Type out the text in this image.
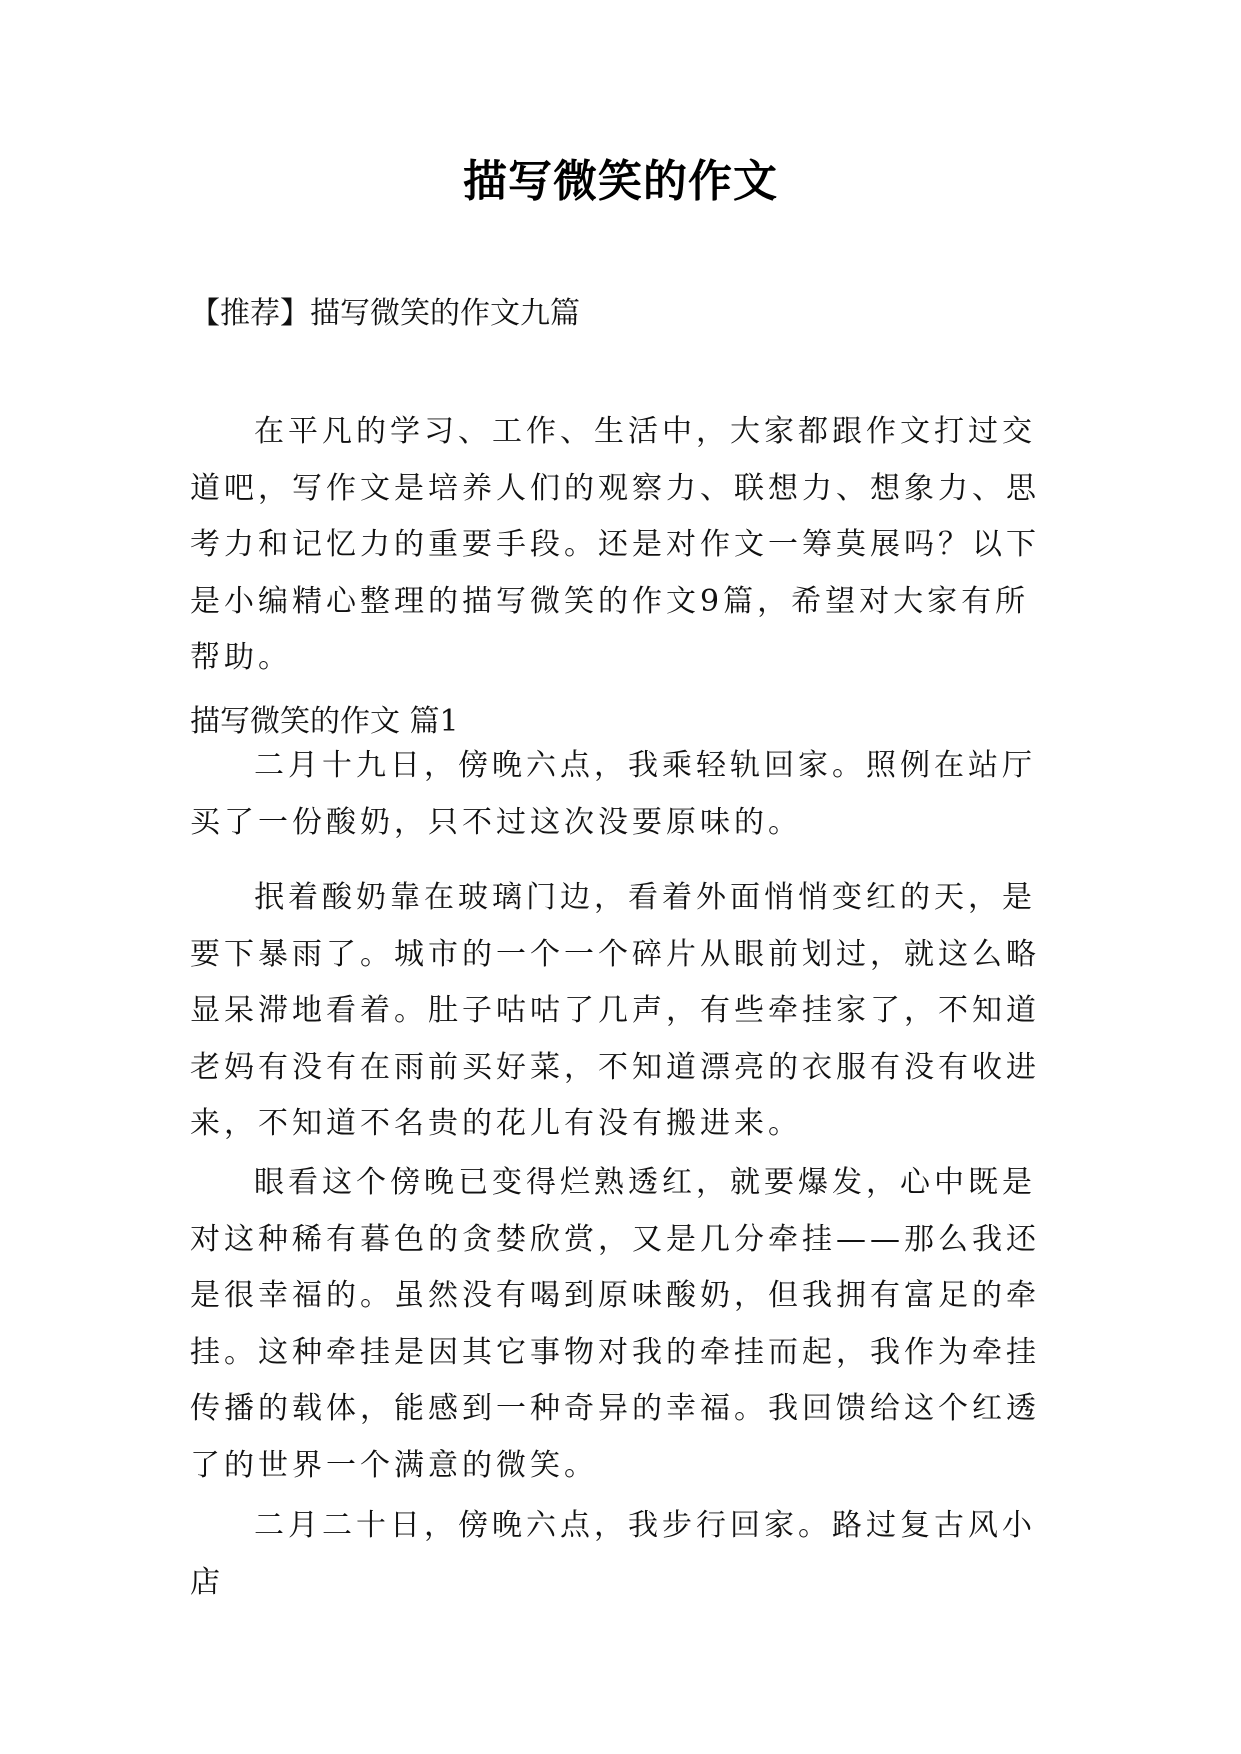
描写微笑的作文
【推荐】描写微笑的作文九篇

在平凡的学习、工作、生活中，大家都跟作文打过交道吧，写作文是培养人们的观察力、联想力、想象力、思考力和记忆力的重要手段。还是对作文一筹莫展吗？以下是小编精心整理的描写微笑的作文9篇，希望对大家有所帮助。

描写微笑的作文 篇1

二月十九日，傍晚六点，我乘轻轨回家。照例在站厅买了一份酸奶，只不过这次没要原味的。

抿着酸奶靠在玻璃门边，看着外面悄悄变红的天，是要下暴雨了。城市的一个一个碎片从眼前划过，就这么略显呆滞地看着。肚子咕咕了几声，有些牵挂家了，不知道老妈有没有在雨前买好菜，不知道漂亮的衣服有没有收进来，不知道不名贵的花儿有没有搬进来。

眼看这个傍晚已变得烂熟透红，就要爆发，心中既是对这种稀有暮色的贪婪欣赏，又是几分牵挂——那么我还是很幸福的。虽然没有喝到原味酸奶，但我拥有富足的牵挂。这种牵挂是因其它事物对我的牵挂而起，我作为牵挂传播的载体，能感到一种奇异的幸福。我回馈给这个红透了的世界一个满意的微笑。

二月二十日，傍晚六点，我步行回家。路过复古风小店
